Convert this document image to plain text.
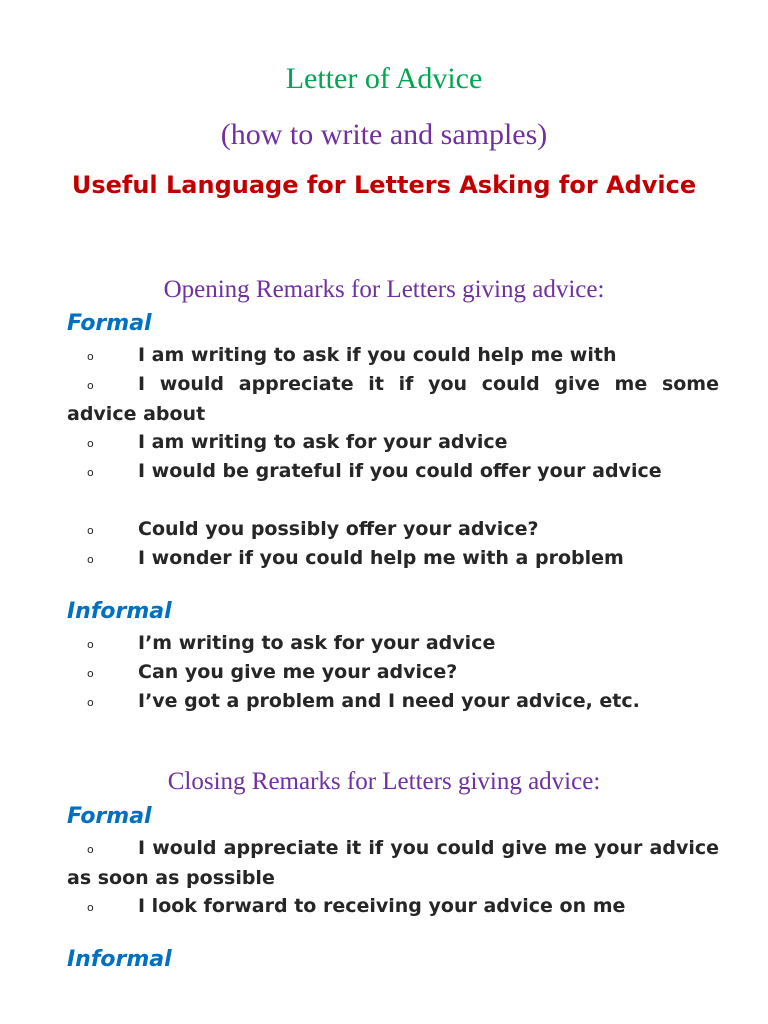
Letter of Advice
(how to write and samples)
Useful Language for Letters Asking for Advice
Opening Remarks for Letters giving advice:
Formal
o I am writing to ask if you could help me with
o I would appreciate it if you could give me some advice about
o I am writing to ask for your advice
o I would be grateful if you could offer your advice
o Could you possibly offer your advice?
o I wonder if you could help me with a problem
Informal
o I’m writing to ask for your advice
o Can you give me your advice?
o I’ve got a problem and I need your advice, etc.
Closing Remarks for Letters giving advice:
Formal
o I would appreciate it if you could give me your advice as soon as possible
o I look forward to receiving your advice on me
Informal
